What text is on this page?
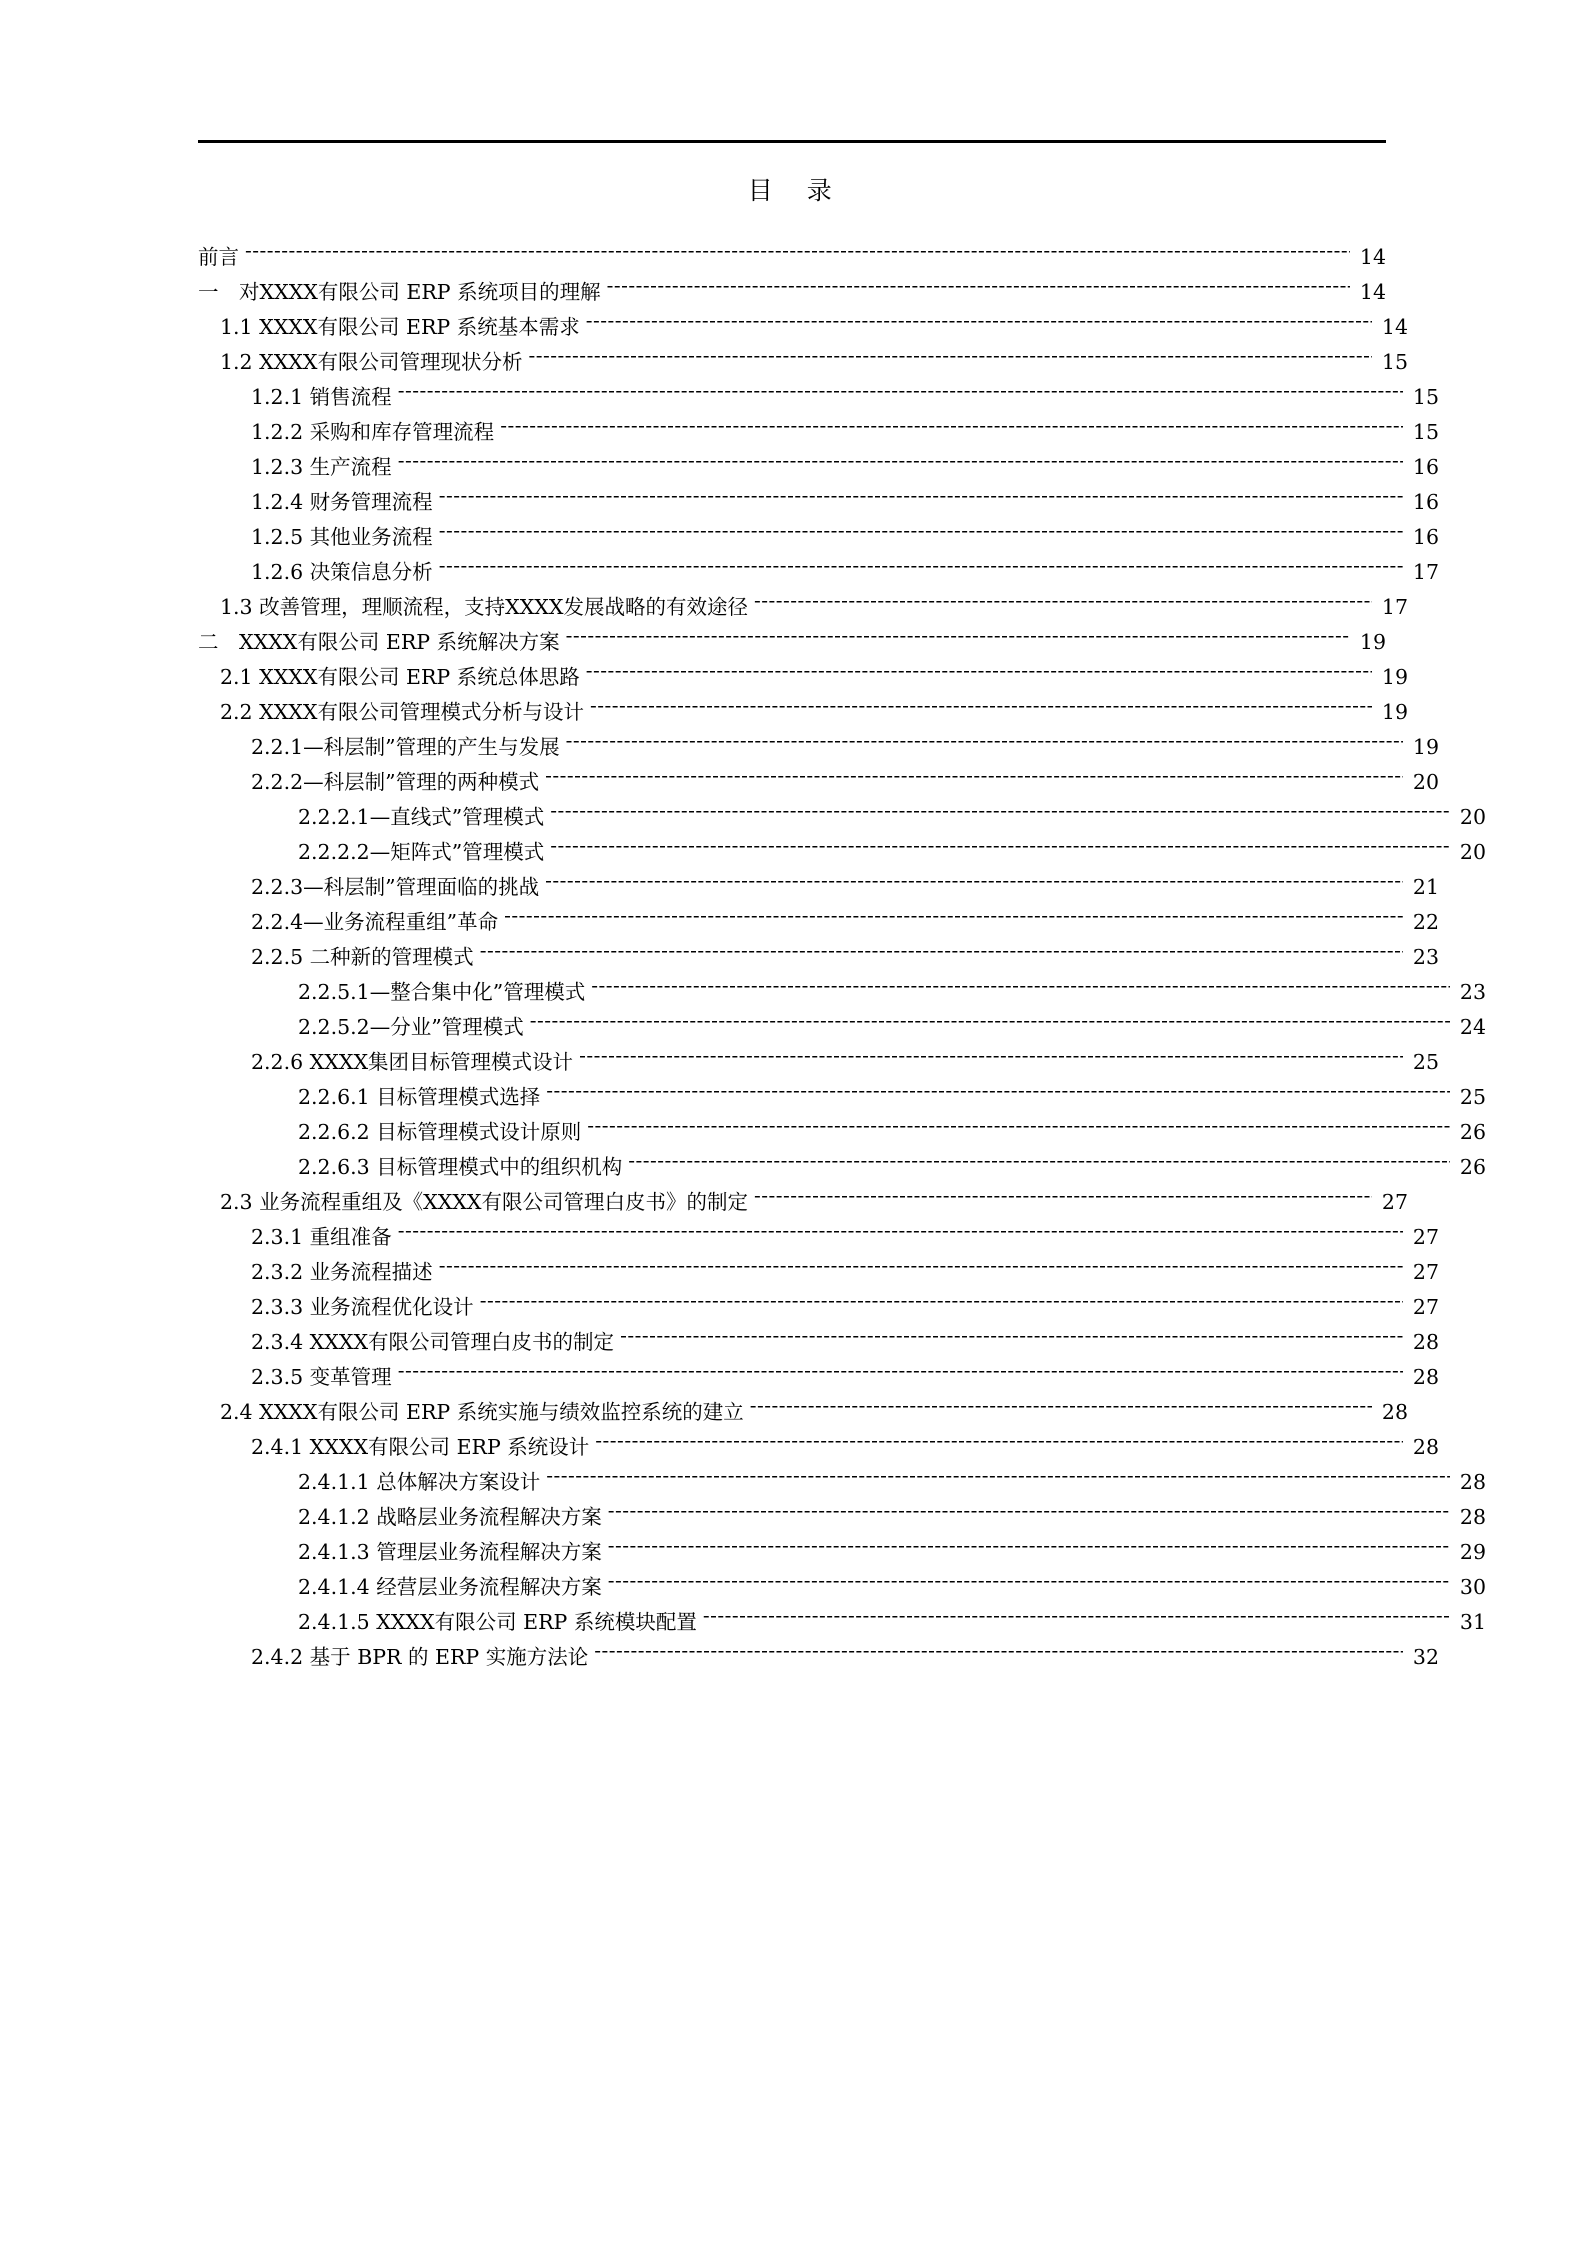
目　录
前言 -----	14
一　对XXXX有限公司 ERP 系统项目的理解 -----	14
1.1 XXXX有限公司 ERP 系统基本需求 -----	14
1.2 XXXX有限公司管理现状分析 -----	15
1.2.1 销售流程 -----	15
1.2.2 采购和库存管理流程 -----	15
1.2.3 生产流程 -----	16
1.2.4 财务管理流程 -----	16
1.2.5 其他业务流程 -----	16
1.2.6 决策信息分析 -----	17
1.3 改善管理，理顺流程，支持XXXX发展战略的有效途径 -----	17
二　XXXX有限公司 ERP 系统解决方案 -----	19
2.1 XXXX有限公司 ERP 系统总体思路 -----	19
2.2 XXXX有限公司管理模式分析与设计 -----	19
2.2.1—科层制”管理的产生与发展 -----	19
2.2.2—科层制”管理的两种模式 -----	20
2.2.2.1—直线式”管理模式 -----	20
2.2.2.2—矩阵式”管理模式 -----	20
2.2.3—科层制”管理面临的挑战 -----	21
2.2.4—业务流程重组”革命 -----	22
2.2.5 二种新的管理模式 -----	23
2.2.5.1—整合集中化”管理模式 -----	23
2.2.5.2—分业”管理模式 -----	24
2.2.6 XXXX集团目标管理模式设计 -----	25
2.2.6.1 目标管理模式选择 -----	25
2.2.6.2 目标管理模式设计原则 -----	26
2.2.6.3 目标管理模式中的组织机构 -----	26
2.3 业务流程重组及《XXXX有限公司管理白皮书》的制定 -----	27
2.3.1 重组准备 -----	27
2.3.2 业务流程描述 -----	27
2.3.3 业务流程优化设计 -----	27
2.3.4 XXXX有限公司管理白皮书的制定 -----	28
2.3.5 变革管理 -----	28
2.4 XXXX有限公司 ERP 系统实施与绩效监控系统的建立 -----	28
2.4.1 XXXX有限公司 ERP 系统设计 -----	28
2.4.1.1 总体解决方案设计 -----	28
2.4.1.2 战略层业务流程解决方案 -----	28
2.4.1.3 管理层业务流程解决方案 -----	29
2.4.1.4 经营层业务流程解决方案 -----	30
2.4.1.5 XXXX有限公司 ERP 系统模块配置 -----	31
2.4.2 基于 BPR 的 ERP 实施方法论 -----	32
